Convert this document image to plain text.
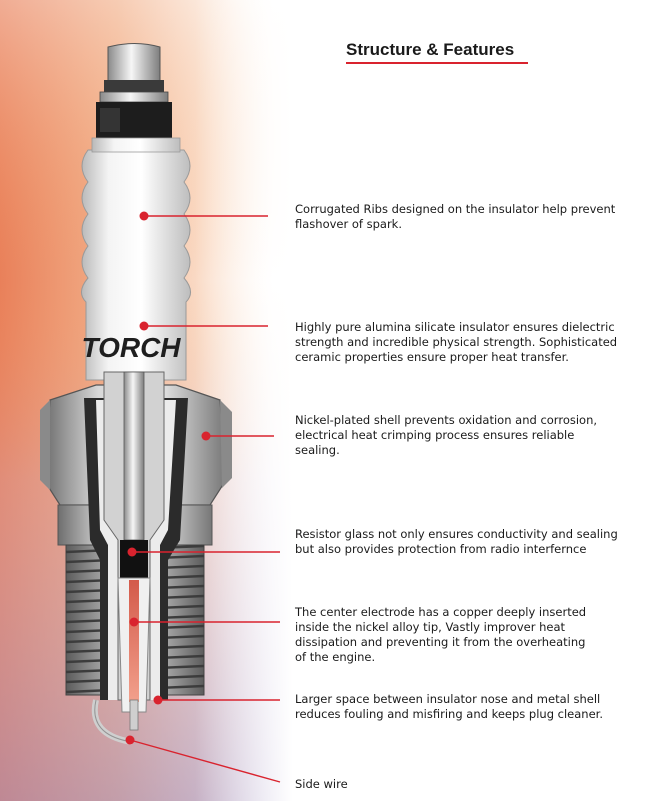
TORCH
Structure & Features
Corrugated Ribs designed on the insulator help prevent
flashover of spark.
Highly pure alumina silicate insulator ensures dielectric
strength and incredible physical strength. Sophisticated
ceramic properties ensure proper heat transfer.
Nickel-plated shell prevents oxidation and corrosion,
electrical heat crimping process ensures reliable
sealing.
Resistor glass not only ensures conductivity and sealing
but also provides protection from radio interfernce
The center electrode has a copper deeply inserted
inside the nickel alloy tip, Vastly improver heat
dissipation and preventing it from the overheating
of the engine.
Larger space between insulator nose and metal shell
reduces fouling and misfiring and keeps plug cleaner.
Side wire
